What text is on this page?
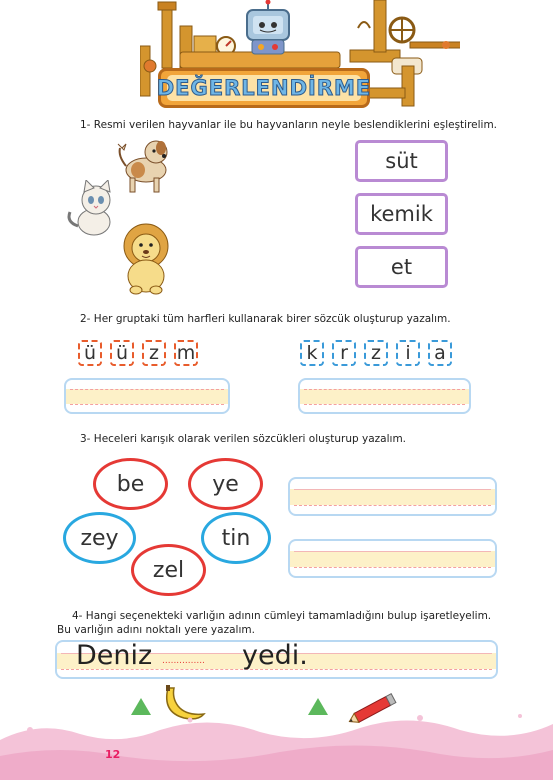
DEĞERLENDİRME
1- Resmi verilen hayvanlar ile bu hayvanların neyle beslendiklerini eşleştirelim.
süt
kemik
et
2- Her gruptaki tüm harfleri kullanarak birer sözcük oluşturup yazalım.
ü	ü	z m	k	r	z	i	a
3- Heceleri karışık olarak verilen sözcükleri oluşturup yazalım.
be	ye
zey	tin
zel
4- Hangi seçenekteki varlığın adının cümleyi tamamladığını bulup işaretleyelim.
Bu varlığın adını noktalı yere yazalım.
Deniz ............... yedi.
12
